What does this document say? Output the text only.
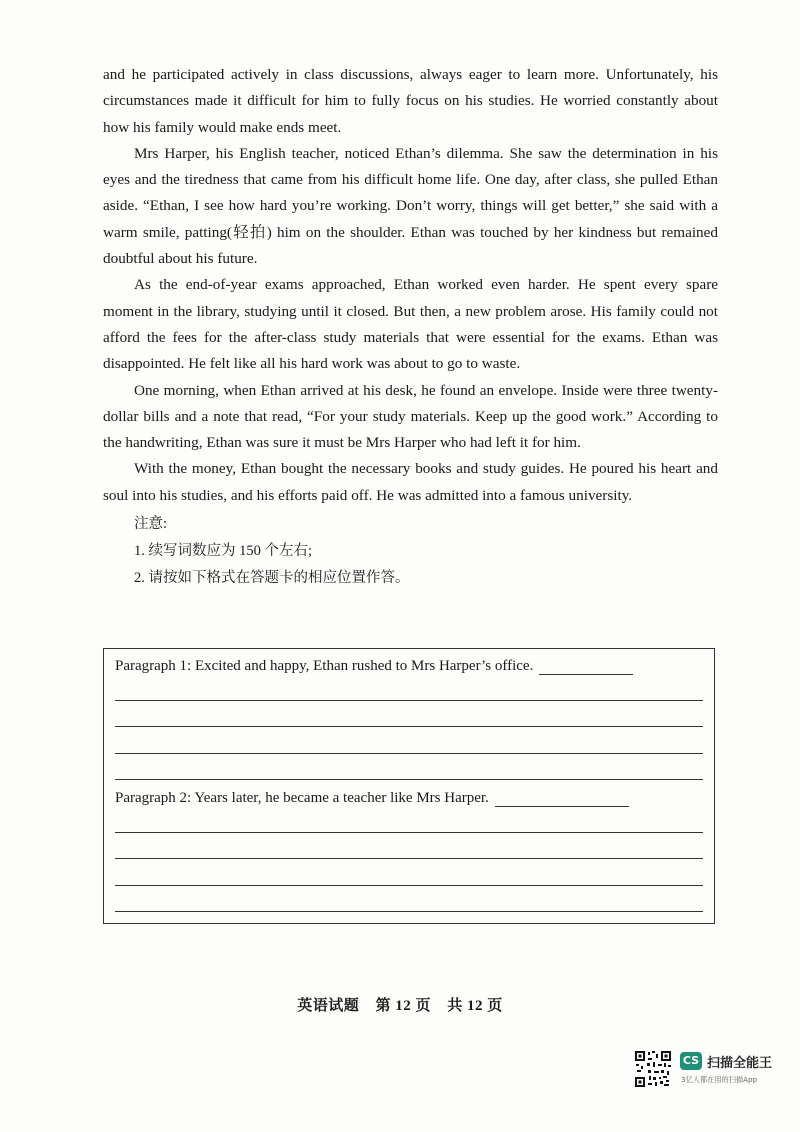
and he participated actively in class discussions, always eager to learn more. Unfortunately, his circumstances made it difficult for him to fully focus on his studies. He worried constantly about how his family would make ends meet.

Mrs Harper, his English teacher, noticed Ethan’s dilemma. She saw the determination in his eyes and the tiredness that came from his difficult home life. One day, after class, she pulled Ethan aside. “Ethan, I see how hard you’re working. Don’t worry, things will get better,” she said with a warm smile, patting(轻拍) him on the shoulder. Ethan was touched by her kindness but remained doubtful about his future.

As the end-of-year exams approached, Ethan worked even harder. He spent every spare moment in the library, studying until it closed. But then, a new problem arose. His family could not afford the fees for the after-class study materials that were essential for the exams. Ethan was disappointed. He felt like all his hard work was about to go to waste.

One morning, when Ethan arrived at his desk, he found an envelope. Inside were three twenty-dollar bills and a note that read, “For your study materials. Keep up the good work.” According to the handwriting, Ethan was sure it must be Mrs Harper who had left it for him.

With the money, Ethan bought the necessary books and study guides. He poured his heart and soul into his studies, and his efforts paid off. He was admitted into a famous university.

注意:
1. 续写词数应为 150 个左右;
2. 请按如下格式在答题卡的相应位置作答。
Paragraph 1: Excited and happy, Ethan rushed to Mrs Harper’s office.
Paragraph 2: Years later, he became a teacher like Mrs Harper.
英语试题 第 12 页 共 12 页
CS 扫描全能王
3亿人都在用的扫描App
